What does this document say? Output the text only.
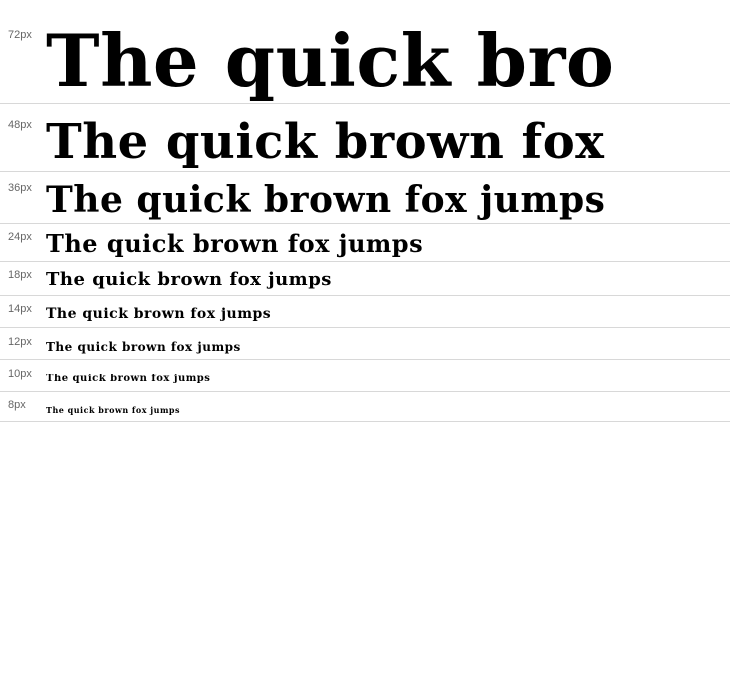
72px The quick bro
48px The quick brown fox
36px The quick brown fox jumps
24px The quick brown fox jumps
18px The quick brown fox jumps
14px	The quick brown fox jumps
12px	The quick brown fox jumps
10px	The quick brown fox jumps
8px	The quick brown fox jumps
